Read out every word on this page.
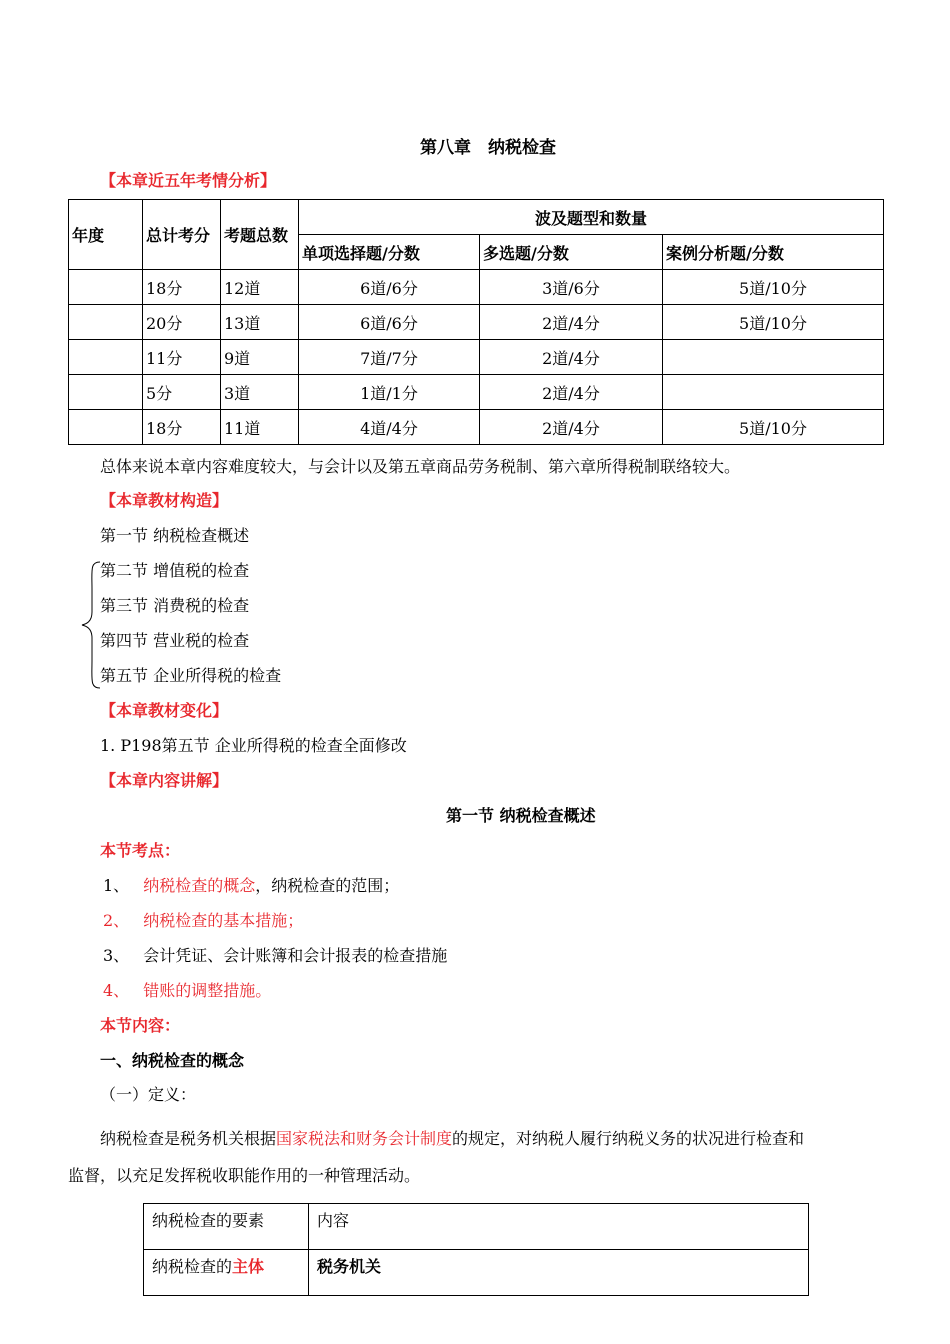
第八章　纳税检查
【本章近五年考情分析】
年度	总计考分	考题总数	波及题型和数量		
			单项选择题/分数	多选题/分数	案例分析题/分数
	18分	12道	6道/6分	3道/6分	5道/10分
	20分	13道	6道/6分	2道/4分	5道/10分
	11分	9道	7道/7分	2道/4分	
	5分	3道	1道/1分	2道/4分	
	18分	11道	4道/4分	2道/4分	5道/10分
总体来说本章内容难度较大，与会计以及第五章商品劳务税制、第六章所得税制联络较大。
【本章教材构造】
第一节 纳税检查概述
第二节 增值税的检查
第三节 消费税的检查
第四节 营业税的检查
第五节 企业所得税的检查
【本章教材变化】
1. P198第五节 企业所得税的检查全面修改
【本章内容讲解】
第一节 纳税检查概述
本节考点：
1、 纳税检查的概念，纳税检查的范围；
2、 纳税检查的基本措施；
3、 会计凭证、会计账簿和会计报表的检查措施
4、 错账的调整措施。
本节内容：
一、纳税检查的概念
（一）定义：
纳税检查是税务机关根据国家税法和财务会计制度的规定，对纳税人履行纳税义务的状况进行检查和
监督，以充足发挥税收职能作用的一种管理活动。
纳税检查的要素	内容
纳税检查的主体	税务机关
